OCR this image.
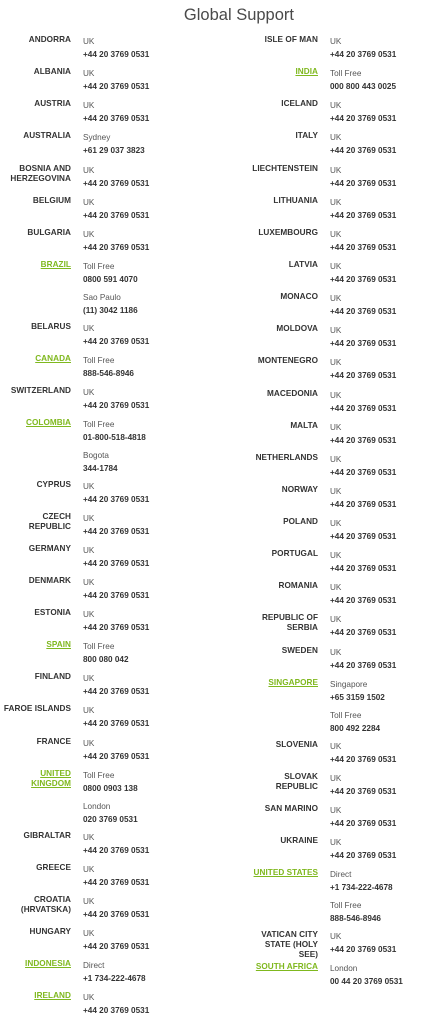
Global Support
ANDORRA UK
+44 20 3769 0531
ALBANIA UK
+44 20 3769 0531
AUSTRIA UK
+44 20 3769 0531
AUSTRALIA Sydney
+61 29 037 3823
BOSNIA AND HERZEGOVINA
UK
+44 20 3769 0531
BELGIUM UK
+44 20 3769 0531
BULGARIA UK
+44 20 3769 0531
BRAZIL Toll Free
0800 591 4070
Sao Paulo
(11) 3042 1186
BELARUS UK
+44 20 3769 0531
CANADA Toll Free
888-546-8946
SWITZERLAND UK
+44 20 3769 0531
COLOMBIA Toll Free
01-800-518-4818
Bogota
344-1784
CYPRUS UK
+44 20 3769 0531
CZECH REPUBLIC
UK
+44 20 3769 0531
GERMANY UK
+44 20 3769 0531
DENMARK UK
+44 20 3769 0531
ESTONIA UK
+44 20 3769 0531
SPAIN Toll Free
800 080 042
FINLAND UK
+44 20 3769 0531
FAROE ISLANDS UK
+44 20 3769 0531
FRANCE UK
+44 20 3769 0531
UNITED KINGDOM
Toll Free
0800 0903 138
London
020 3769 0531
GIBRALTAR UK
+44 20 3769 0531
GREECE UK
+44 20 3769 0531
CROATIA (HRVATSKA)
UK
+44 20 3769 0531
HUNGARY UK
+44 20 3769 0531
INDONESIA Direct
+1 734-222-4678
IRELAND UK
+44 20 3769 0531
ISLE OF MAN UK
+44 20 3769 0531
INDIA Toll Free
000 800 443 0025
ICELAND UK
+44 20 3769 0531
ITALY UK
+44 20 3769 0531
LIECHTENSTEIN UK
+44 20 3769 0531
LITHUANIA UK
+44 20 3769 0531
LUXEMBOURG UK
+44 20 3769 0531
LATVIA UK
+44 20 3769 0531
MONACO UK
+44 20 3769 0531
MOLDOVA UK
+44 20 3769 0531
MONTENEGRO UK
+44 20 3769 0531
MACEDONIA UK
+44 20 3769 0531
MALTA UK
+44 20 3769 0531
NETHERLANDS UK
+44 20 3769 0531
NORWAY UK
+44 20 3769 0531
POLAND UK
+44 20 3769 0531
PORTUGAL UK
+44 20 3769 0531
ROMANIA UK
+44 20 3769 0531
REPUBLIC OF SERBIA
UK
+44 20 3769 0531
SWEDEN UK
+44 20 3769 0531
SINGAPORE Singapore
+65 3159 1502
Toll Free
800 492 2284
SLOVENIA UK
+44 20 3769 0531
SLOVAK REPUBLIC
UK
+44 20 3769 0531
SAN MARINO UK
+44 20 3769 0531
UKRAINE UK
+44 20 3769 0531
UNITED STATES Direct
+1 734-222-4678
Toll Free
888-546-8946
VATICAN CITY STATE (HOLY SEE)
UK
+44 20 3769 0531
SOUTH AFRICA London
00 44 20 3769 0531
